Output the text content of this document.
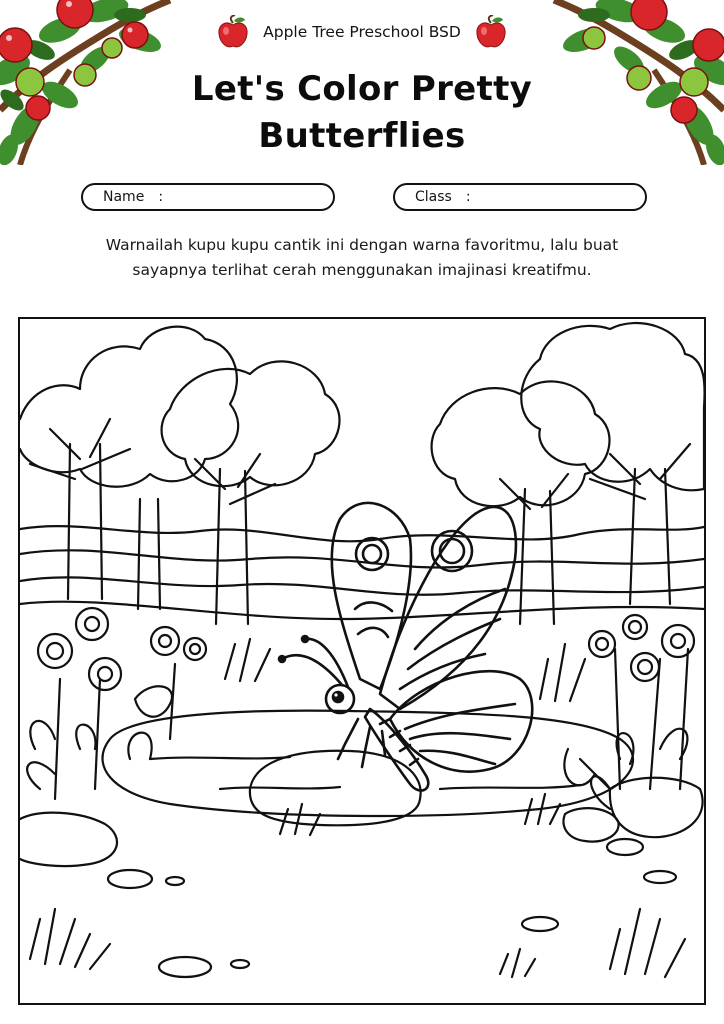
Apple Tree Preschool BSD
Let's Color Pretty
Butterflies
Name :	Class :
Warnailah kupu kupu cantik ini dengan warna favoritmu, lalu buat
sayapnya terlihat cerah menggunakan imajinasi kreatifmu.
